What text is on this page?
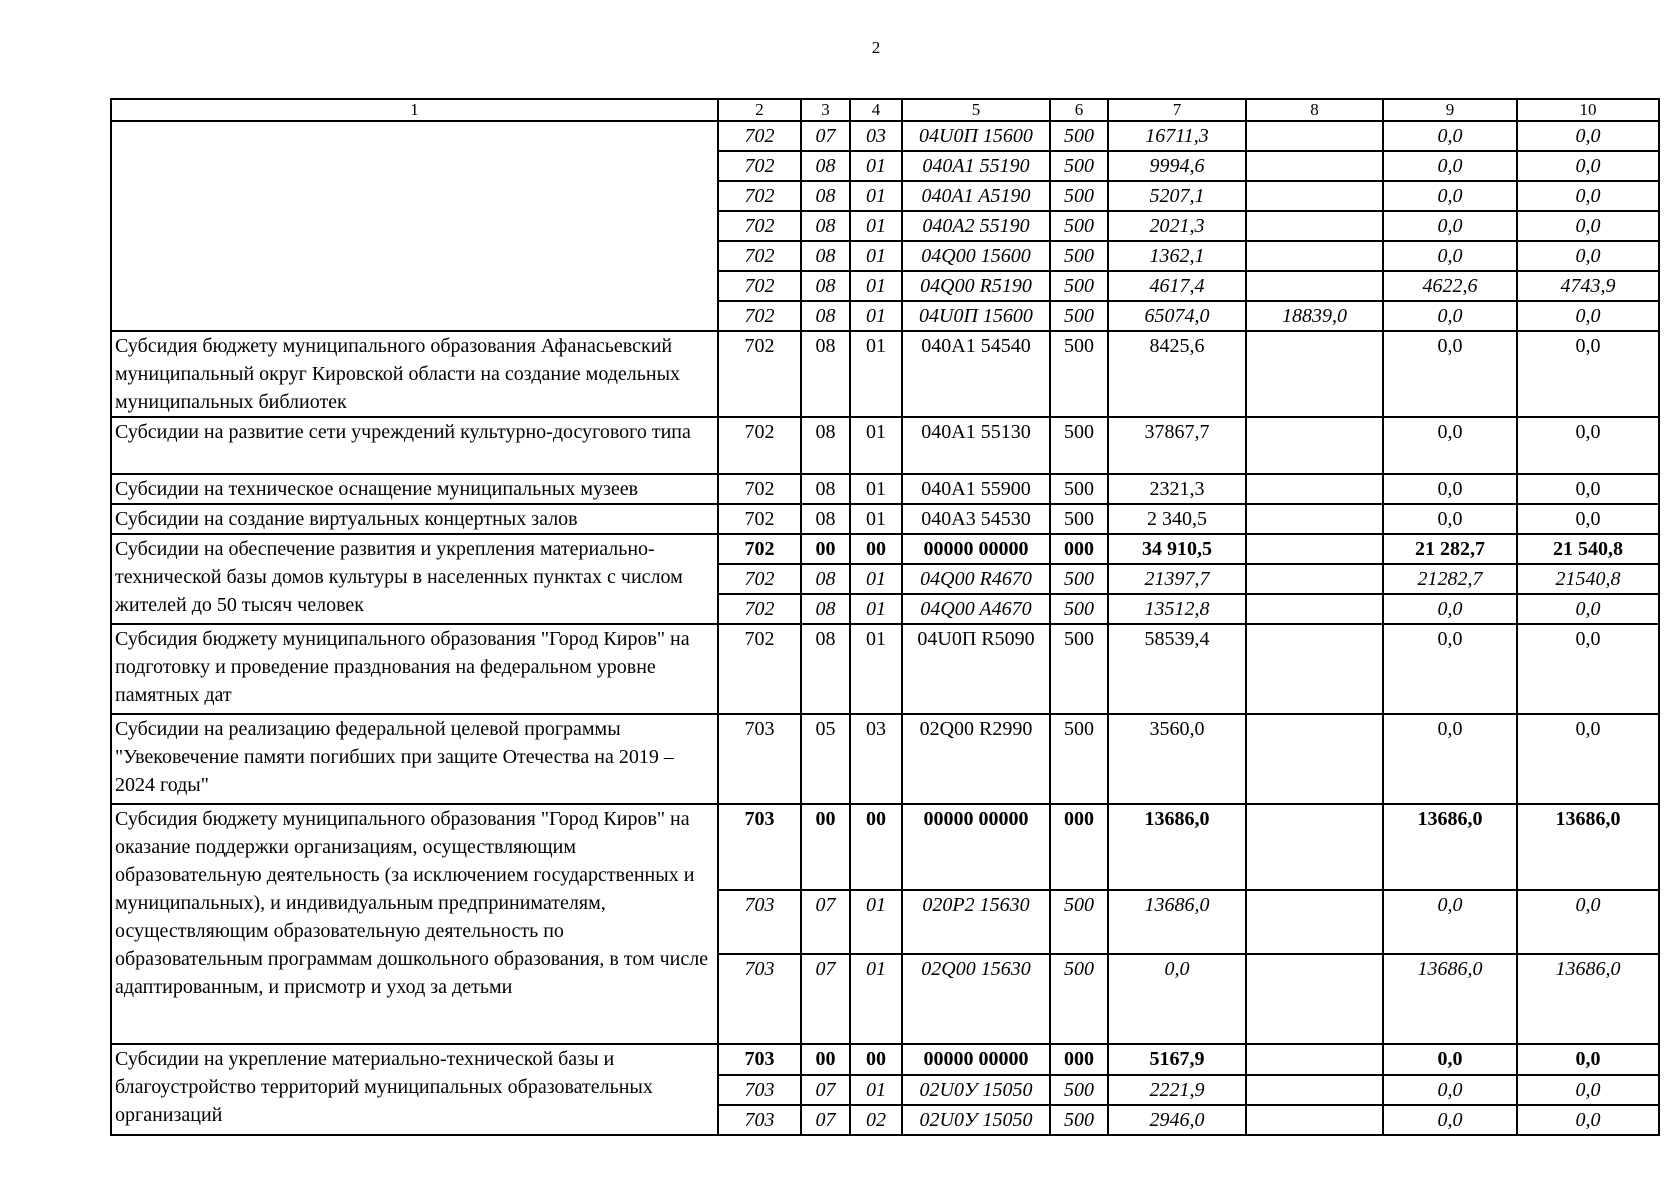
2
1	2	3	4	5	6	7	8	9	10
	702	07	03	04U0П 15600	500	16711,3		0,0	0,0
	702	08	01	040A1 55190	500	9994,6		0,0	0,0
	702	08	01	040A1 A5190	500	5207,1		0,0	0,0
	702	08	01	040A2 55190	500	2021,3		0,0	0,0
	702	08	01	04Q00 15600	500	1362,1		0,0	0,0
	702	08	01	04Q00 R5190	500	4617,4		4622,6	4743,9
	702	08	01	04U0П 15600	500	65074,0	18839,0	0,0	0,0
Субсидия бюджету муниципального образования Афанасьевский муниципальный округ Кировской области на создание модельных муниципальных библиотек	702	08	01	040A1 54540	500	8425,6		0,0	0,0
Субсидии на развитие сети учреждений культурно-досугового типа	702	08	01	040A1 55130	500	37867,7		0,0	0,0
Субсидии на техническое оснащение муниципальных музеев	702	08	01	040A1 55900	500	2321,3		0,0	0,0
Субсидии на создание виртуальных концертных залов	702	08	01	040A3 54530	500	2 340,5		0,0	0,0
Субсидии на обеспечение развития и укрепления материально-технической базы домов культуры в населенных пунктах с числом жителей до 50 тысяч человек	702	00	00	00000 00000	000	34 910,5		21 282,7	21 540,8
	702	08	01	04Q00 R4670	500	21397,7		21282,7	21540,8
	702	08	01	04Q00 A4670	500	13512,8		0,0	0,0
Субсидия бюджету муниципального образования "Город Киров" на подготовку и проведение празднования на федеральном уровне памятных дат	702	08	01	04U0П R5090	500	58539,4		0,0	0,0
Субсидии на реализацию федеральной целевой программы "Увековечение памяти погибших при защите Отечества на 2019 – 2024 годы"	703	05	03	02Q00 R2990	500	3560,0		0,0	0,0
Субсидия бюджету муниципального образования "Город Киров" на оказание поддержки организациям, осуществляющим образовательную деятельность (за исключением государственных и муниципальных), и индивидуальным предпринимателям, осуществляющим образовательную деятельность по образовательным программам дошкольного образования, в том числе адаптированным, и присмотр и уход за детьми	703	00	00	00000 00000	000	13686,0		13686,0	13686,0
	703	07	01	020P2 15630	500	13686,0		0,0	0,0
	703	07	01	02Q00 15630	500	0,0		13686,0	13686,0
Субсидии на укрепление материально-технической базы и благоустройство территорий муниципальных образовательных организаций	703	00	00	00000 00000	000	5167,9		0,0	0,0
	703	07	01	02U0У 15050	500	2221,9		0,0	0,0
	703	07	02	02U0У 15050	500	2946,0		0,0	0,0
